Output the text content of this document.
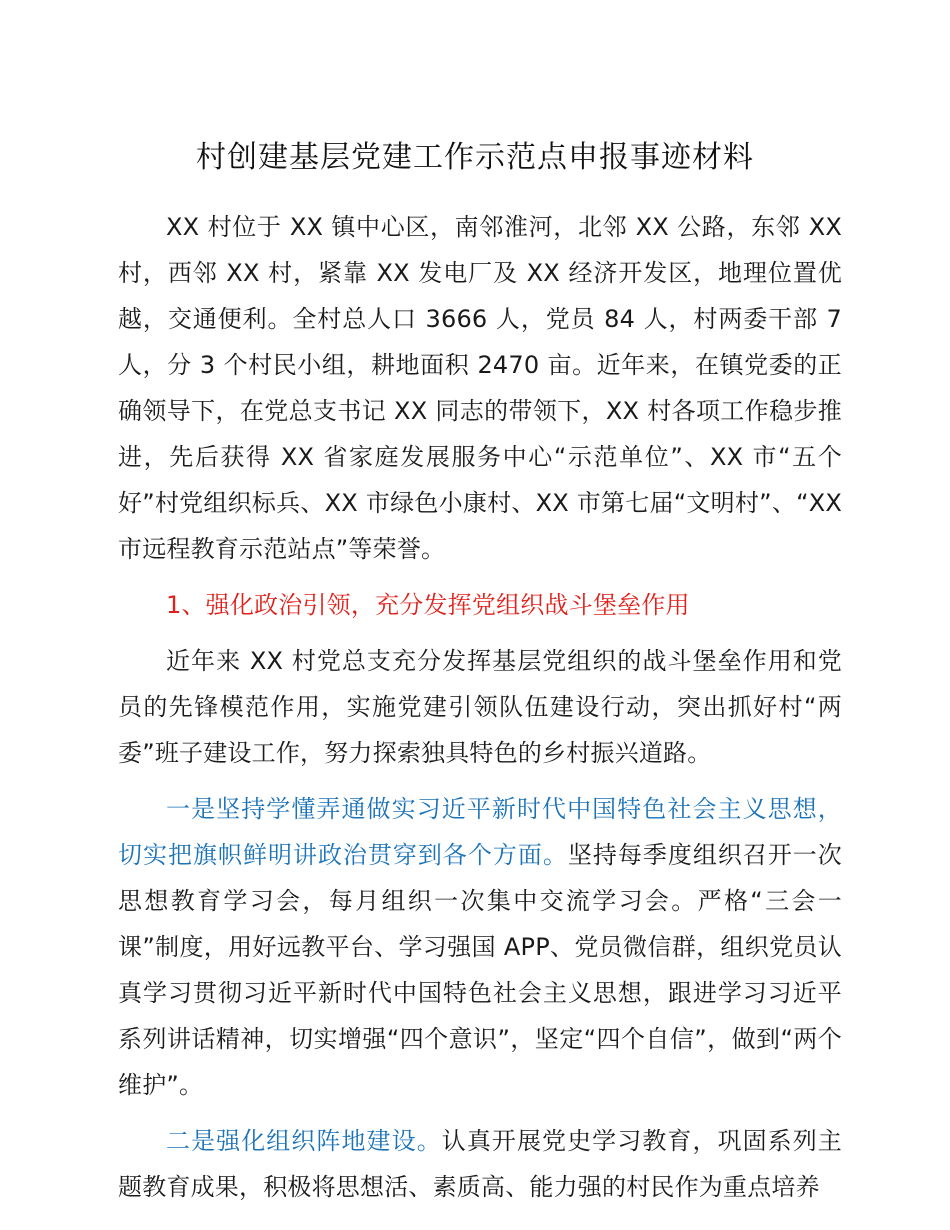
村创建基层党建工作示范点申报事迹材料

XX 村位于 XX 镇中心区，南邻淮河，北邻 XX 公路，东邻 XX 村，西邻 XX 村，紧靠 XX 发电厂及 XX 经济开发区，地理位置优越，交通便利。全村总人口 3666 人，党员 84 人，村两委干部 7 人，分 3 个村民小组，耕地面积 2470 亩。近年来，在镇党委的正确领导下，在党总支书记 XX 同志的带领下，XX 村各项工作稳步推进，先后获得 XX 省家庭发展服务中心“示范单位”、XX 市“五个好”村党组织标兵、XX 市绿色小康村、XX 市第七届“文明村”、“XX 市远程教育示范站点”等荣誉。

1、强化政治引领，充分发挥党组织战斗堡垒作用

近年来 XX 村党总支充分发挥基层党组织的战斗堡垒作用和党员的先锋模范作用，实施党建引领队伍建设行动，突出抓好村“两委”班子建设工作，努力探索独具特色的乡村振兴道路。

一是坚持学懂弄通做实习近平新时代中国特色社会主义思想，切实把旗帜鲜明讲政治贯穿到各个方面。坚持每季度组织召开一次思想教育学习会，每月组织一次集中交流学习会。严格“三会一课”制度，用好远教平台、学习强国 APP、党员微信群，组织党员认真学习贯彻习近平新时代中国特色社会主义思想，跟进学习习近平系列讲话精神，切实增强“四个意识”，坚定“四个自信”，做到“两个维护”。

二是强化组织阵地建设。认真开展党史学习教育，巩固系列主题教育成果，积极将思想活、素质高、能力强的村民作为重点培养
